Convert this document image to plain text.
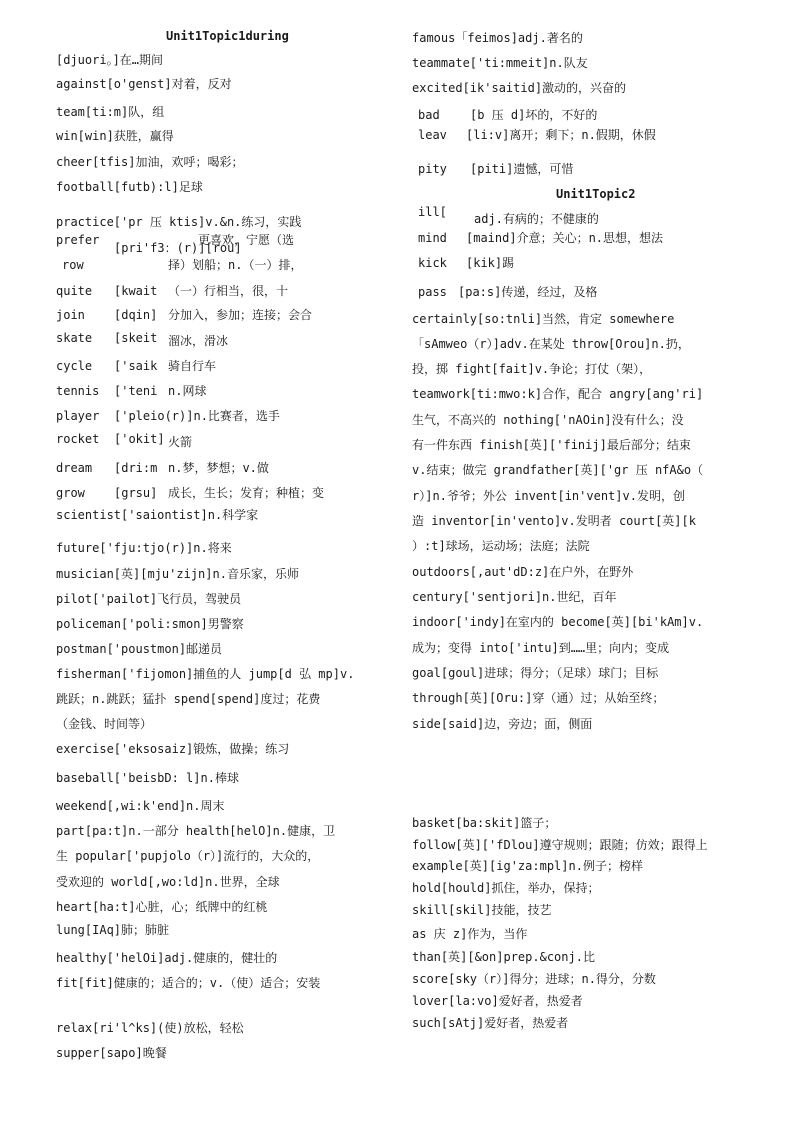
Unit1Topic1during
[djuori。]在…期间
against[o'genst]对着，反对
team[ti:m]队，组
win[win]获胜，赢得
cheer[tfis]加油，欢呼；喝彩；
football[futb):l]足球
practice['pr 压 ktis]v.&n.练习，实践
prefer
[pri'f3：(r)][rou]
更喜欢，宁愿（选
row	择）划船；n.（一）排，
quite [kwait （一）行相当，很，十
join [dqin] 分加入，参加；连接；会合
skate [skeit 溜冰，滑冰
cycle ['saik 骑自行车
tennis ['teni n.网球
player ['pleio(r)]n.比赛者，选手
rocket ['okit] 火箭
dream [dri:m n.梦，梦想；v.做
grow [grsu] 成长，生长；发育；种植；变
scientist['saiontist]n.科学家
future['fju:tjo(r)]n.将来
musician[英][mju'zijn]n.音乐家，乐师
pilot['pailot]飞行员，驾驶员
policeman['poli:smon]男警察
postman['poustmon]邮递员
fisherman['fijomon]捕鱼的人 jump[d 弘 mp]v.
跳跃；n.跳跃；猛扑 spend[spend]度过；花费
（金钱、时间等）
exercise['eksosaiz]锻炼，做操；练习
baseball['beisbD: l]n.棒球
weekend[,wi:k'end]n.周末
part[pa:t]n.一部分 health[helO]n.健康，卫
生 popular['pupjolo（r）]流行的，大众的，
受欢迎的 world[,wo:ld]n.世界，全球
heart[ha:t]心脏，心；纸牌中的红桃
lung[IAq]肺；肺脏
healthy['helOi]adj.健康的，健壮的
fit[fit]健康的；适合的；v.（使）适合；安装
relax[ri'l^ks](使)放松，轻松
supper[sapo]晚餐
famous「feimos]adj.著名的
teammate['ti:mmeit]n.队友
excited[ik'saitid]激动的，兴奋的
bad	[b 压 d]坏的，不好的
leav [li:v]离开；剩下；n.假期，休假
pity [piti]遗憾，可惜
Unit1Topic2
ill[ adj.有病的；不健康的
mind [maind]介意；关心；n.思想，想法
kick [kik]踢
pass [pa:s]传递，经过，及格
certainly[so:tnli]当然，肯定 somewhere
「sAmweo（r）]adv.在某处 throw[Orou]n.扔，
投，掷 fight[fait]v.争论；打仗（架），
teamwork[ti:mwo:k]合作，配合 angry[ang'ri]
生气，不高兴的 nothing['nAOin]没有什么；没
有一件东西 finish[英]['finij]最后部分；结束
v.结束；做完 grandfather[英]['gr 压 nfA&o（
r）]n.爷爷；外公 invent[in'vent]v.发明，创
造 inventor[in'vento]v.发明者 court[英][k
）:t]球场，运动场；法庭；法院
outdoors[,aut'dD:z]在户外，在野外
century['sentjori]n.世纪，百年
indoor['indy]在室内的 become[英][bi'kAm]v.
成为；变得 into['intu]到……里；向内；变成
goal[goul]进球；得分；（足球）球门；目标
through[英][Oru:]穿（通）过；从始至终；
side[said]边，旁边；面，侧面
basket[ba:skit]篮子；
follow[英]['fDlou]遵守规则；跟随；仿效；跟得上
example[英][ig'za:mpl]n.例子；榜样
hold[hould]抓住，举办，保持；
skill[skil]技能，技艺
as 庆 z]作为，当作
than[英][&on]prep.&conj.比
score[sky（r）]得分；进球；n.得分，分数
lover[la:vo]爱好者，热爱者
such[sAtj]爱好者，热爱者
